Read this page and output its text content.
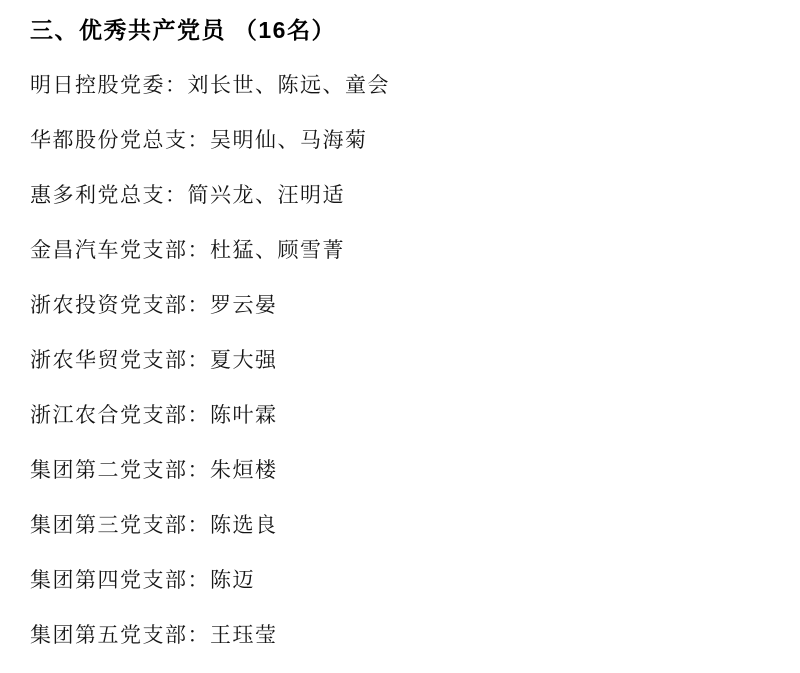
三、优秀共产党员 （16名）

明日控股党委：刘长世、陈远、童会

华都股份党总支：吴明仙、马海菊

惠多利党总支：简兴龙、汪明适

金昌汽车党支部：杜猛、顾雪菁

浙农投资党支部：罗云晏

浙农华贸党支部：夏大强

浙江农合党支部：陈叶霖

集团第二党支部：朱烜楼

集团第三党支部：陈选良

集团第四党支部：陈迈

集团第五党支部：王珏莹
